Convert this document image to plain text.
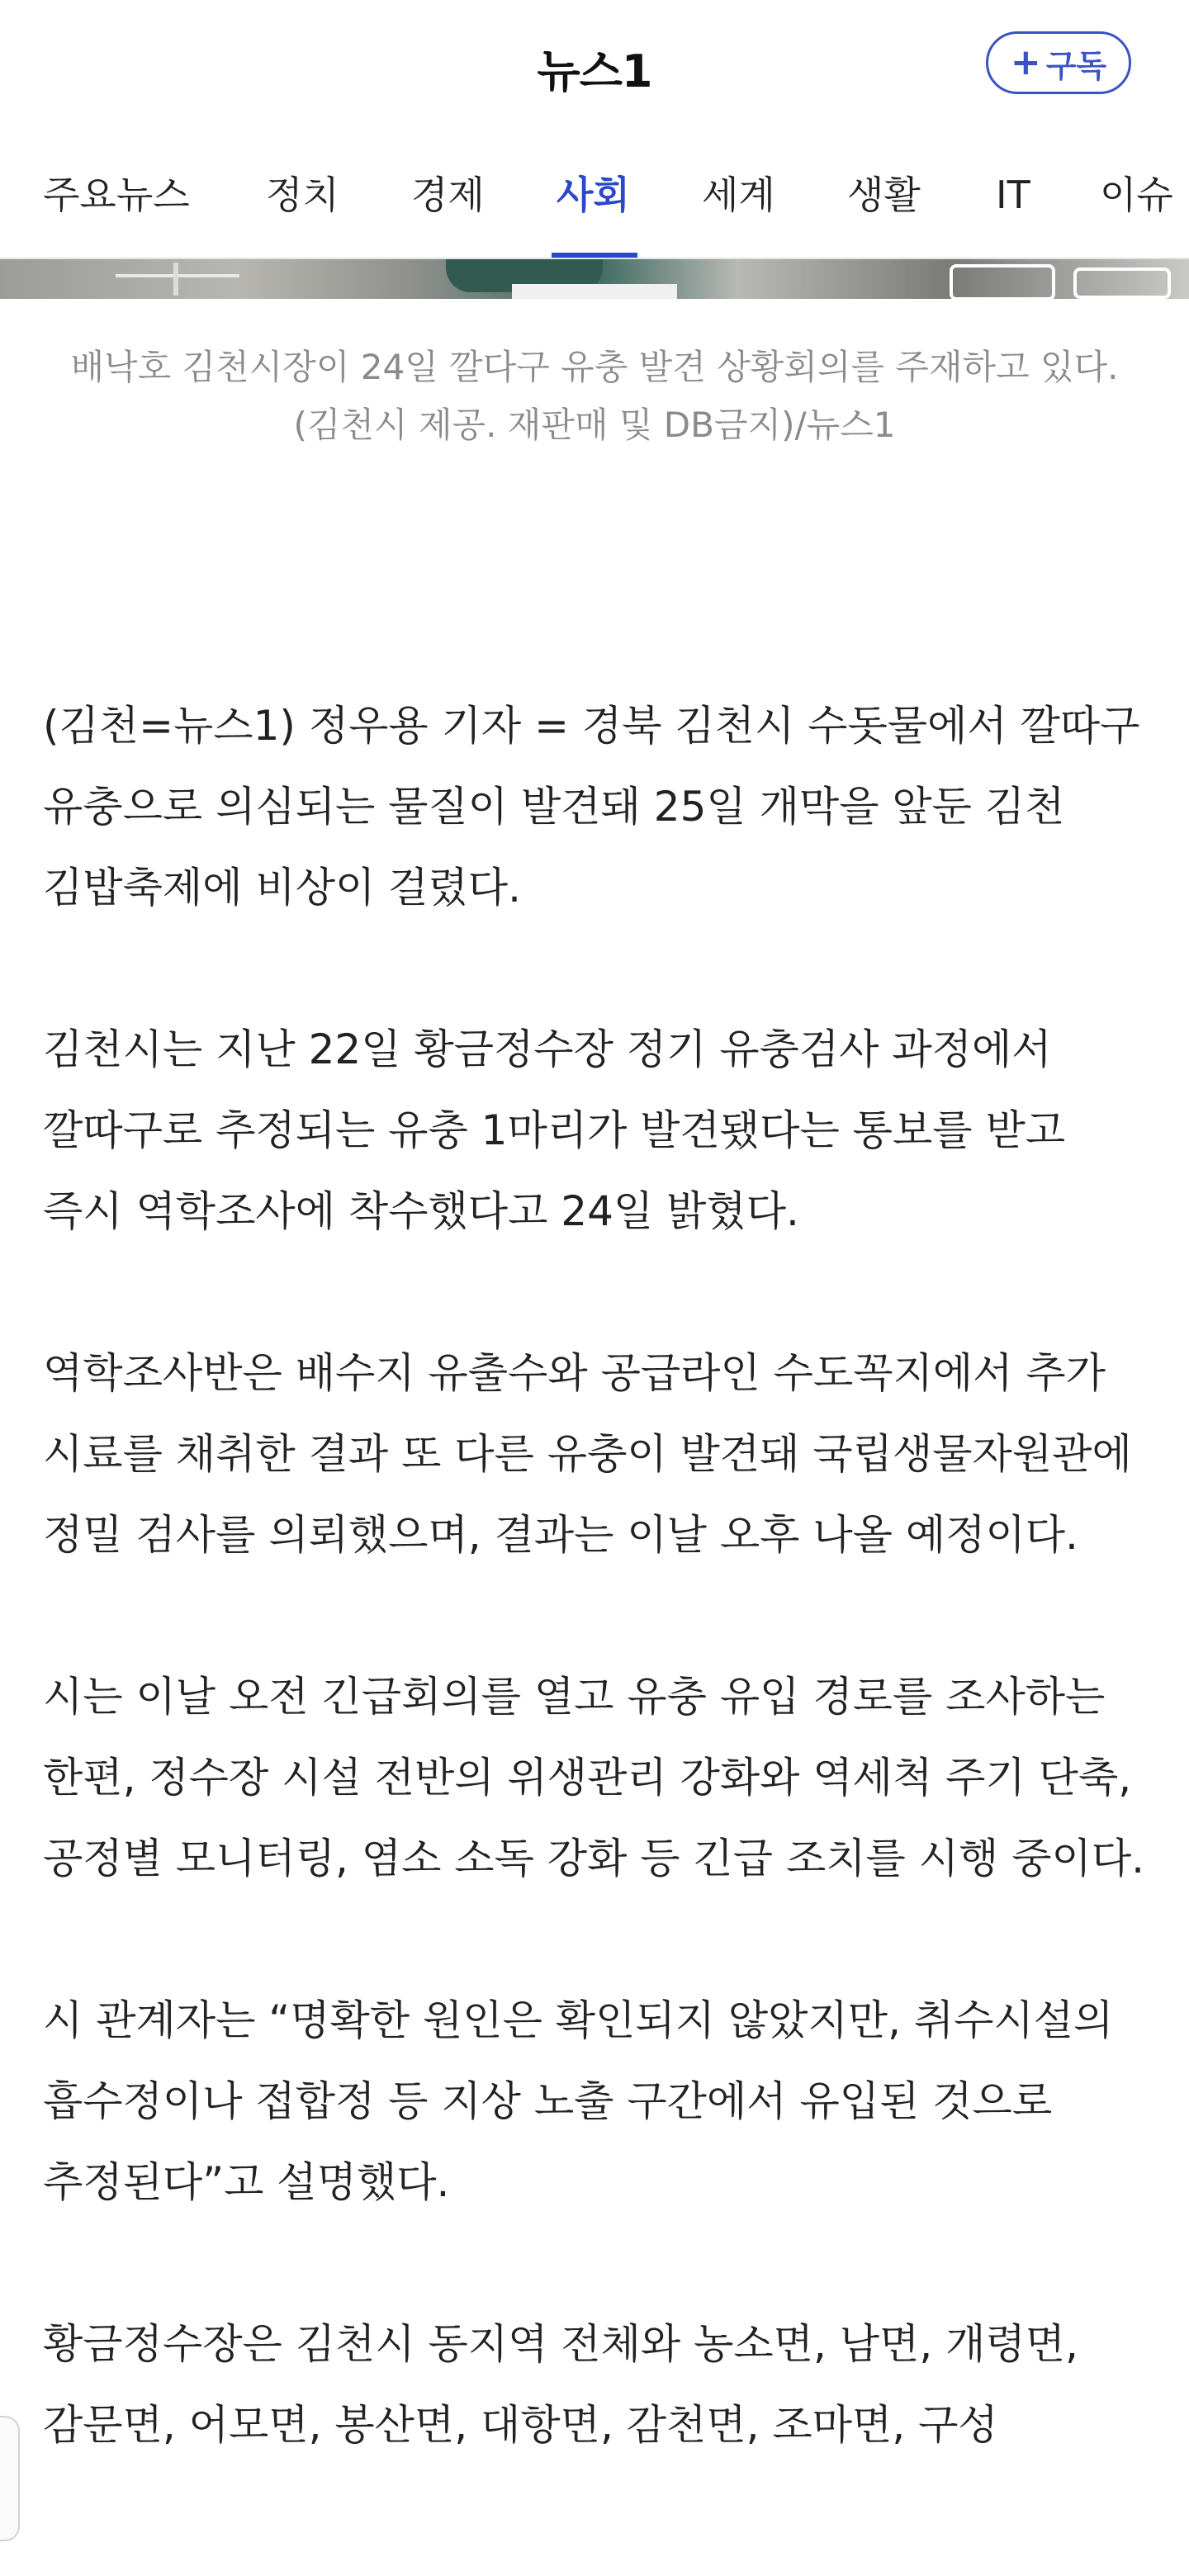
뉴스1	+ 구독
주요뉴스 정치 경제 사회 세계 생활 IT 이슈
배낙호 김천시장이 24일 깔다구 유충 발견 상황회의를 주재하고 있다. (김천시 제공. 재판매 및 DB금지)/뉴스1

(김천=뉴스1) 정우용 기자 = 경북 김천시 수돗물에서 깔따구 유충으로 의심되는 물질이 발견돼 25일 개막을 앞둔 김천 김밥축제에 비상이 걸렸다.

김천시는 지난 22일 황금정수장 정기 유충검사 과정에서 깔따구로 추정되는 유충 1마리가 발견됐다는 통보를 받고 즉시 역학조사에 착수했다고 24일 밝혔다.

역학조사반은 배수지 유출수와 공급라인 수도꼭지에서 추가 시료를 채취한 결과 또 다른 유충이 발견돼 국립생물자원관에 정밀 검사를 의뢰했으며, 결과는 이날 오후 나올 예정이다.

시는 이날 오전 긴급회의를 열고 유충 유입 경로를 조사하는 한편, 정수장 시설 전반의 위생관리 강화와 역세척 주기 단축, 공정별 모니터링, 염소 소독 강화 등 긴급 조치를 시행 중이다.

시 관계자는 “명확한 원인은 확인되지 않았지만, 취수시설의 흡수정이나 접합정 등 지상 노출 구간에서 유입된 것으로 추정된다”고 설명했다.

황금정수장은 김천시 동지역 전체와 농소면, 남면, 개령면, 감문면, 어모면, 봉산면, 대항면, 감천면, 조마면, 구성
